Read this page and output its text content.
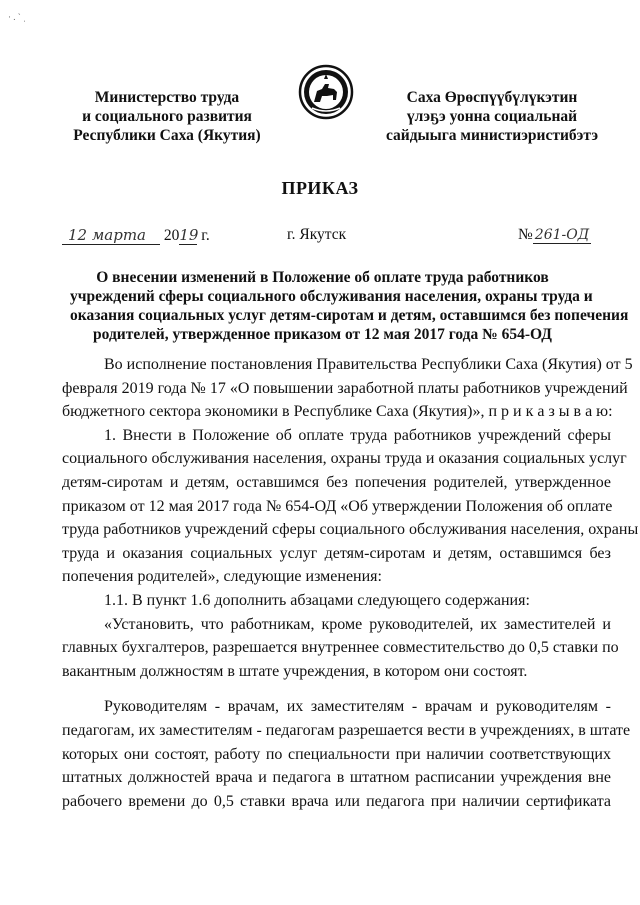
· . ˋ ˌ
Министерство труда
и социального развития
Республики Саха (Якутия)
Саха Өрөспүүбүлүкэтин
үлэҕэ уонна социальнай
сайдыыга министиэристибэтэ
ПРИКАЗ
12 марта 2019 г.	г. Якутск	№ 261-ОД
О внесении изменений в Положение об оплате труда работников
учреждений сферы социального обслуживания населения, охраны труда и
оказания социальных услуг детям-сиротам и детям, оставшимся без попечения
родителей, утвержденное приказом от 12 мая 2017 года № 654-ОД
Во исполнение постановления Правительства Республики Саха (Якутия) от 5
февраля 2019 года № 17 «О повышении заработной платы работников учреждений
бюджетного сектора экономики в Республике Саха (Якутия)», п р и к а з ы в а ю:
1. Внести в Положение об оплате труда работников учреждений сферы
социального обслуживания населения, охраны труда и оказания социальных услуг
детям-сиротам и детям, оставшимся без попечения родителей, утвержденное
приказом от 12 мая 2017 года № 654-ОД «Об утверждении Положения об оплате
труда работников учреждений сферы социального обслуживания населения, охраны
труда и оказания социальных услуг детям-сиротам и детям, оставшимся без
попечения родителей», следующие изменения:
1.1. В пункт 1.6 дополнить абзацами следующего содержания:
«Установить, что работникам, кроме руководителей, их заместителей и
главных бухгалтеров, разрешается внутреннее совместительство до 0,5 ставки по
вакантным должностям в штате учреждения, в котором они состоят.
Руководителям - врачам, их заместителям - врачам и руководителям -
педагогам, их заместителям - педагогам разрешается вести в учреждениях, в штате
которых они состоят, работу по специальности при наличии соответствующих
штатных должностей врача и педагога в штатном расписании учреждения вне
рабочего времени до 0,5 ставки врача или педагога при наличии сертификата
